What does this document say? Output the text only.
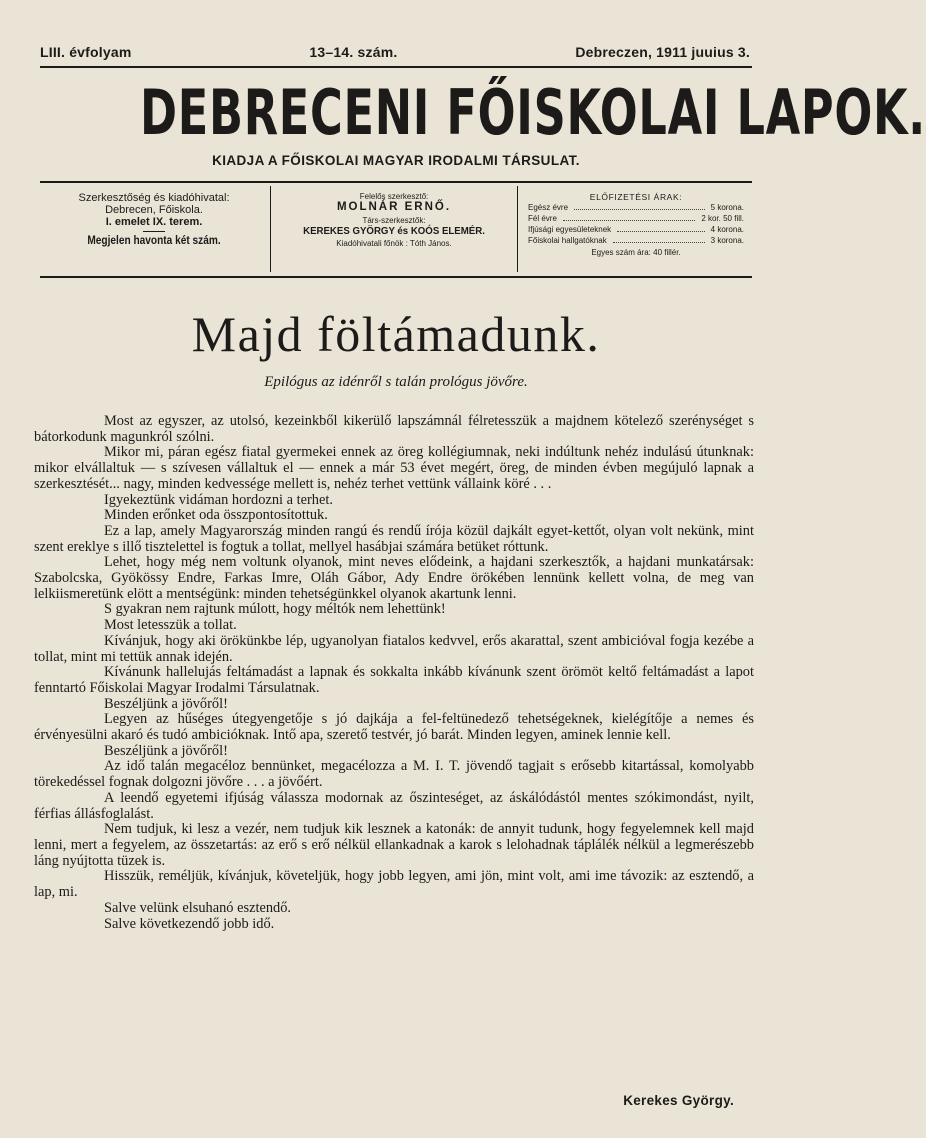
LIII. évfolyam	13–14. szám.	Debreczen, 1911 juuius 3.
DEBRECENI FŐISKOLAI LAPOK.
KIADJA A FŐISKOLAI MAGYAR IRODALMI TÁRSULAT.
Szerkesztőség és kiadóhivatal:
Debrecen, Főiskola.
I. emelet IX. terem.
Megjelen havonta két szám.
Felelős szerkesztő:
MOLNÁR ERNŐ.
Társ-szerkesztők:
KEREKES GYÖRGY és KOÓS ELEMÉR.
Kiadóhivatali főnök : Tóth János.
ELŐFIZETÉSI ÁRAK:
Egész évre	5 korona.
Fél évre	2 kor. 50 fill.
Ifjúsági egyesületeknek	4 korona.
Főiskolai hallgatóknak	3 korona.
Egyes szám ára: 40 fillér.
Majd föltámadunk.
Epilógus az idénről s talán prológus jövőre.

Most az egyszer, az utolsó, kezeinkből kikerülő lapszámnál félretesszük a majdnem kötelező szerénységet s bátorkodunk magunkról szólni.

Mikor mi, páran egész fiatal gyermekei ennek az öreg kollégiumnak, neki indúltunk nehéz indulású útunknak: mikor elvállaltuk — s szívesen vállaltuk el — ennek a már 53 évet megért, öreg, de minden évben megújuló lapnak a szerkesztését... nagy, minden kedvessége mellett is, nehéz terhet vettünk vállaink köré . . .

Igyekeztünk vidáman hordozni a terhet.

Minden erőnket oda összpontosítottuk.

Ez a lap, amely Magyarország minden rangú és rendű írója közül dajkált egyet-kettőt, olyan volt nekünk, mint szent ereklye s illő tisztelettel is fogtuk a tollat, mellyel hasábjai számára betüket róttunk.

Lehet, hogy még nem voltunk olyanok, mint neves elődeink, a hajdani szerkesztők, a hajdani munkatársak: Szabolcska, Gyökössy Endre, Farkas Imre, Oláh Gábor, Ady Endre örökében lennünk kellett volna, de meg van lelkiismeretünk elött a mentségünk: minden tehetségünkkel olyanok akartunk lenni.

S gyakran nem rajtunk múlott, hogy méltók nem lehettünk!

Most letesszük a tollat.

Kívánjuk, hogy aki örökünkbe lép, ugyanolyan fiatalos kedvvel, erős akarattal, szent ambicióval fogja kezébe a tollat, mint mi tettük annak idején.

Kívánunk hallelujás feltámadást a lapnak és sokkalta inkább kívánunk szent örömöt keltő feltámadást a lapot fenntartó Főiskolai Magyar Irodalmi Társulatnak.

Beszéljünk a jövőről!

Legyen az hűséges útegyengetője s jó dajkája a fel-feltünedező tehetségeknek, kielégítője a nemes és érvényesülni akaró és tudó ambicióknak. Intő apa, szerető testvér, jó barát. Minden legyen, aminek lennie kell.

Beszéljünk a jövőről!

Az idő talán megacéloz bennünket, megacélozza a M. I. T. jövendő tagjait s erősebb kitartással, komolyabb törekedéssel fognak dolgozni jövőre . . . a jövőért.

A leendő egyetemi ifjúság válassza modornak az őszinteséget, az áskálódástól mentes szókimondást, nyilt, férfias állásfoglalást.

Nem tudjuk, ki lesz a vezér, nem tudjuk kik lesznek a katonák: de annyit tudunk, hogy fegyelemnek kell majd lenni, mert a fegyelem, az összetartás: az erő s erő nélkül ellankadnak a karok s lelohadnak táplálék nélkül a legmerészebb láng nyújtotta tüzek is.

Hisszük, reméljük, kívánjuk, követeljük, hogy jobb legyen, ami jön, mint volt, ami ime távozik: az esztendő, a lap, mi.

Salve velünk elsuhanó esztendő.

Salve következendő jobb idő.

Kerekes György.
